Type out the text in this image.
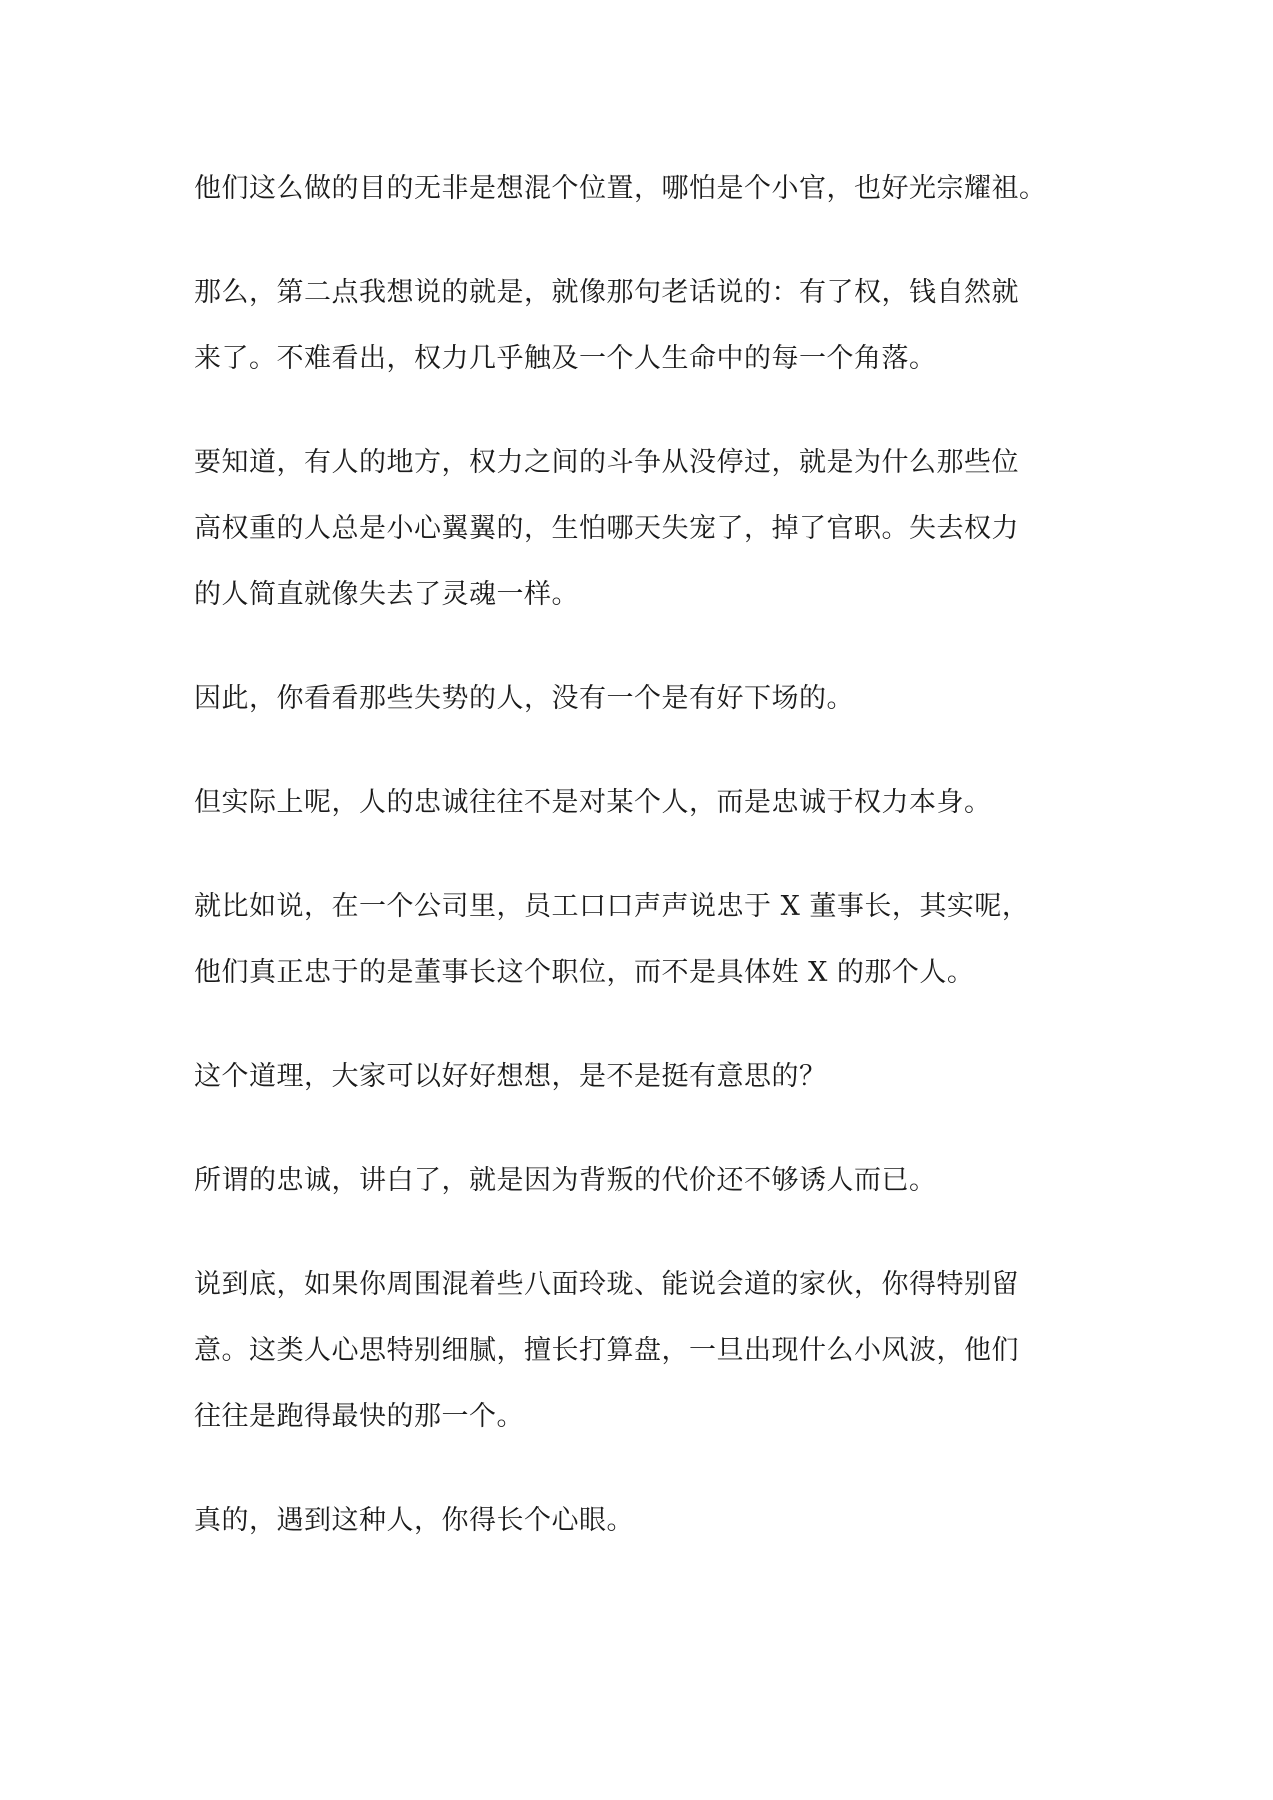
他们这么做的目的无非是想混个位置，哪怕是个小官，也好光宗耀祖。

那么，第二点我想说的就是，就像那句老话说的：有了权，钱自然就
来了。不难看出，权力几乎触及一个人生命中的每一个角落。

要知道，有人的地方，权力之间的斗争从没停过，就是为什么那些位
高权重的人总是小心翼翼的，生怕哪天失宠了，掉了官职。失去权力
的人简直就像失去了灵魂一样。

因此，你看看那些失势的人，没有一个是有好下场的。

但实际上呢，人的忠诚往往不是对某个人，而是忠诚于权力本身。

就比如说，在一个公司里，员工口口声声说忠于 X 董事长，其实呢，
他们真正忠于的是董事长这个职位，而不是具体姓 X 的那个人。

这个道理，大家可以好好想想，是不是挺有意思的？

所谓的忠诚，讲白了，就是因为背叛的代价还不够诱人而已。

说到底，如果你周围混着些八面玲珑、能说会道的家伙，你得特别留
意。这类人心思特别细腻，擅长打算盘，一旦出现什么小风波，他们
往往是跑得最快的那一个。

真的，遇到这种人，你得长个心眼。
